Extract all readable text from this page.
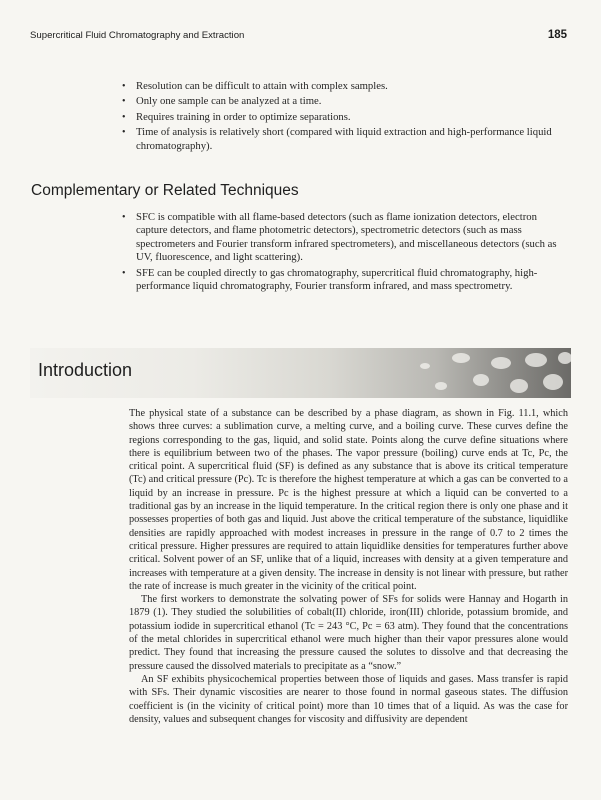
Supercritical Fluid Chromatography and Extraction	185
• Resolution can be difficult to attain with complex samples.
• Only one sample can be analyzed at a time.
• Requires training in order to optimize separations.
• Time of analysis is relatively short (compared with liquid extraction and high-performance liquid chromatography).
Complementary or Related Techniques
• SFC is compatible with all flame-based detectors (such as flame ionization detectors, electron capture detectors, and flame photometric detectors), spectrometric detectors (such as mass spectrometers and Fourier transform infrared spectrometers), and miscellaneous detectors (such as UV, fluorescence, and light scattering).
• SFE can be coupled directly to gas chromatography, supercritical fluid chromatography, high-performance liquid chromatography, Fourier transform infrared, and mass spectrometry.
Introduction

The physical state of a substance can be described by a phase diagram, as shown in Fig. 11.1, which shows three curves: a sublimation curve, a melting curve, and a boiling curve. These curves define the regions corresponding to the gas, liquid, and solid state. Points along the curve define situations where there is equilibrium between two of the phases. The vapor pressure (boiling) curve ends at Tc, Pc, the critical point. A supercritical fluid (SF) is defined as any substance that is above its critical temperature (Tc) and critical pressure (Pc). Tc is therefore the highest temperature at which a gas can be converted to a liquid by an increase in pressure. Pc is the highest pressure at which a liquid can be converted to a traditional gas by an increase in the liquid temperature. In the critical region there is only one phase and it possesses properties of both gas and liquid. Just above the critical temperature of the substance, liquidlike densities are rapidly approached with modest increases in pressure in the range of 0.7 to 2 times the critical pressure. Higher pressures are required to attain liquidlike densities for temperatures further above critical. Solvent power of an SF, unlike that of a liquid, increases with density at a given temperature and increases with temperature at a given density. The increase in density is not linear with pressure, but rather the rate of increase is much greater in the vicinity of the critical point.

The first workers to demonstrate the solvating power of SFs for solids were Hannay and Hogarth in 1879 (1). They studied the solubilities of cobalt(II) chloride, iron(III) chloride, potassium bromide, and potassium iodide in supercritical ethanol (Tc = 243 °C, Pc = 63 atm). They found that the concentrations of the metal chlorides in supercritical ethanol were much higher than their vapor pressures alone would predict. They found that increasing the pressure caused the solutes to dissolve and that decreasing the pressure caused the dissolved materials to precipitate as a “snow.”

An SF exhibits physicochemical properties between those of liquids and gases. Mass transfer is rapid with SFs. Their dynamic viscosities are nearer to those found in normal gaseous states. The diffusion coefficient is (in the vicinity of critical point) more than 10 times that of a liquid. As was the case for density, values and subsequent changes for viscosity and diffusivity are dependent
